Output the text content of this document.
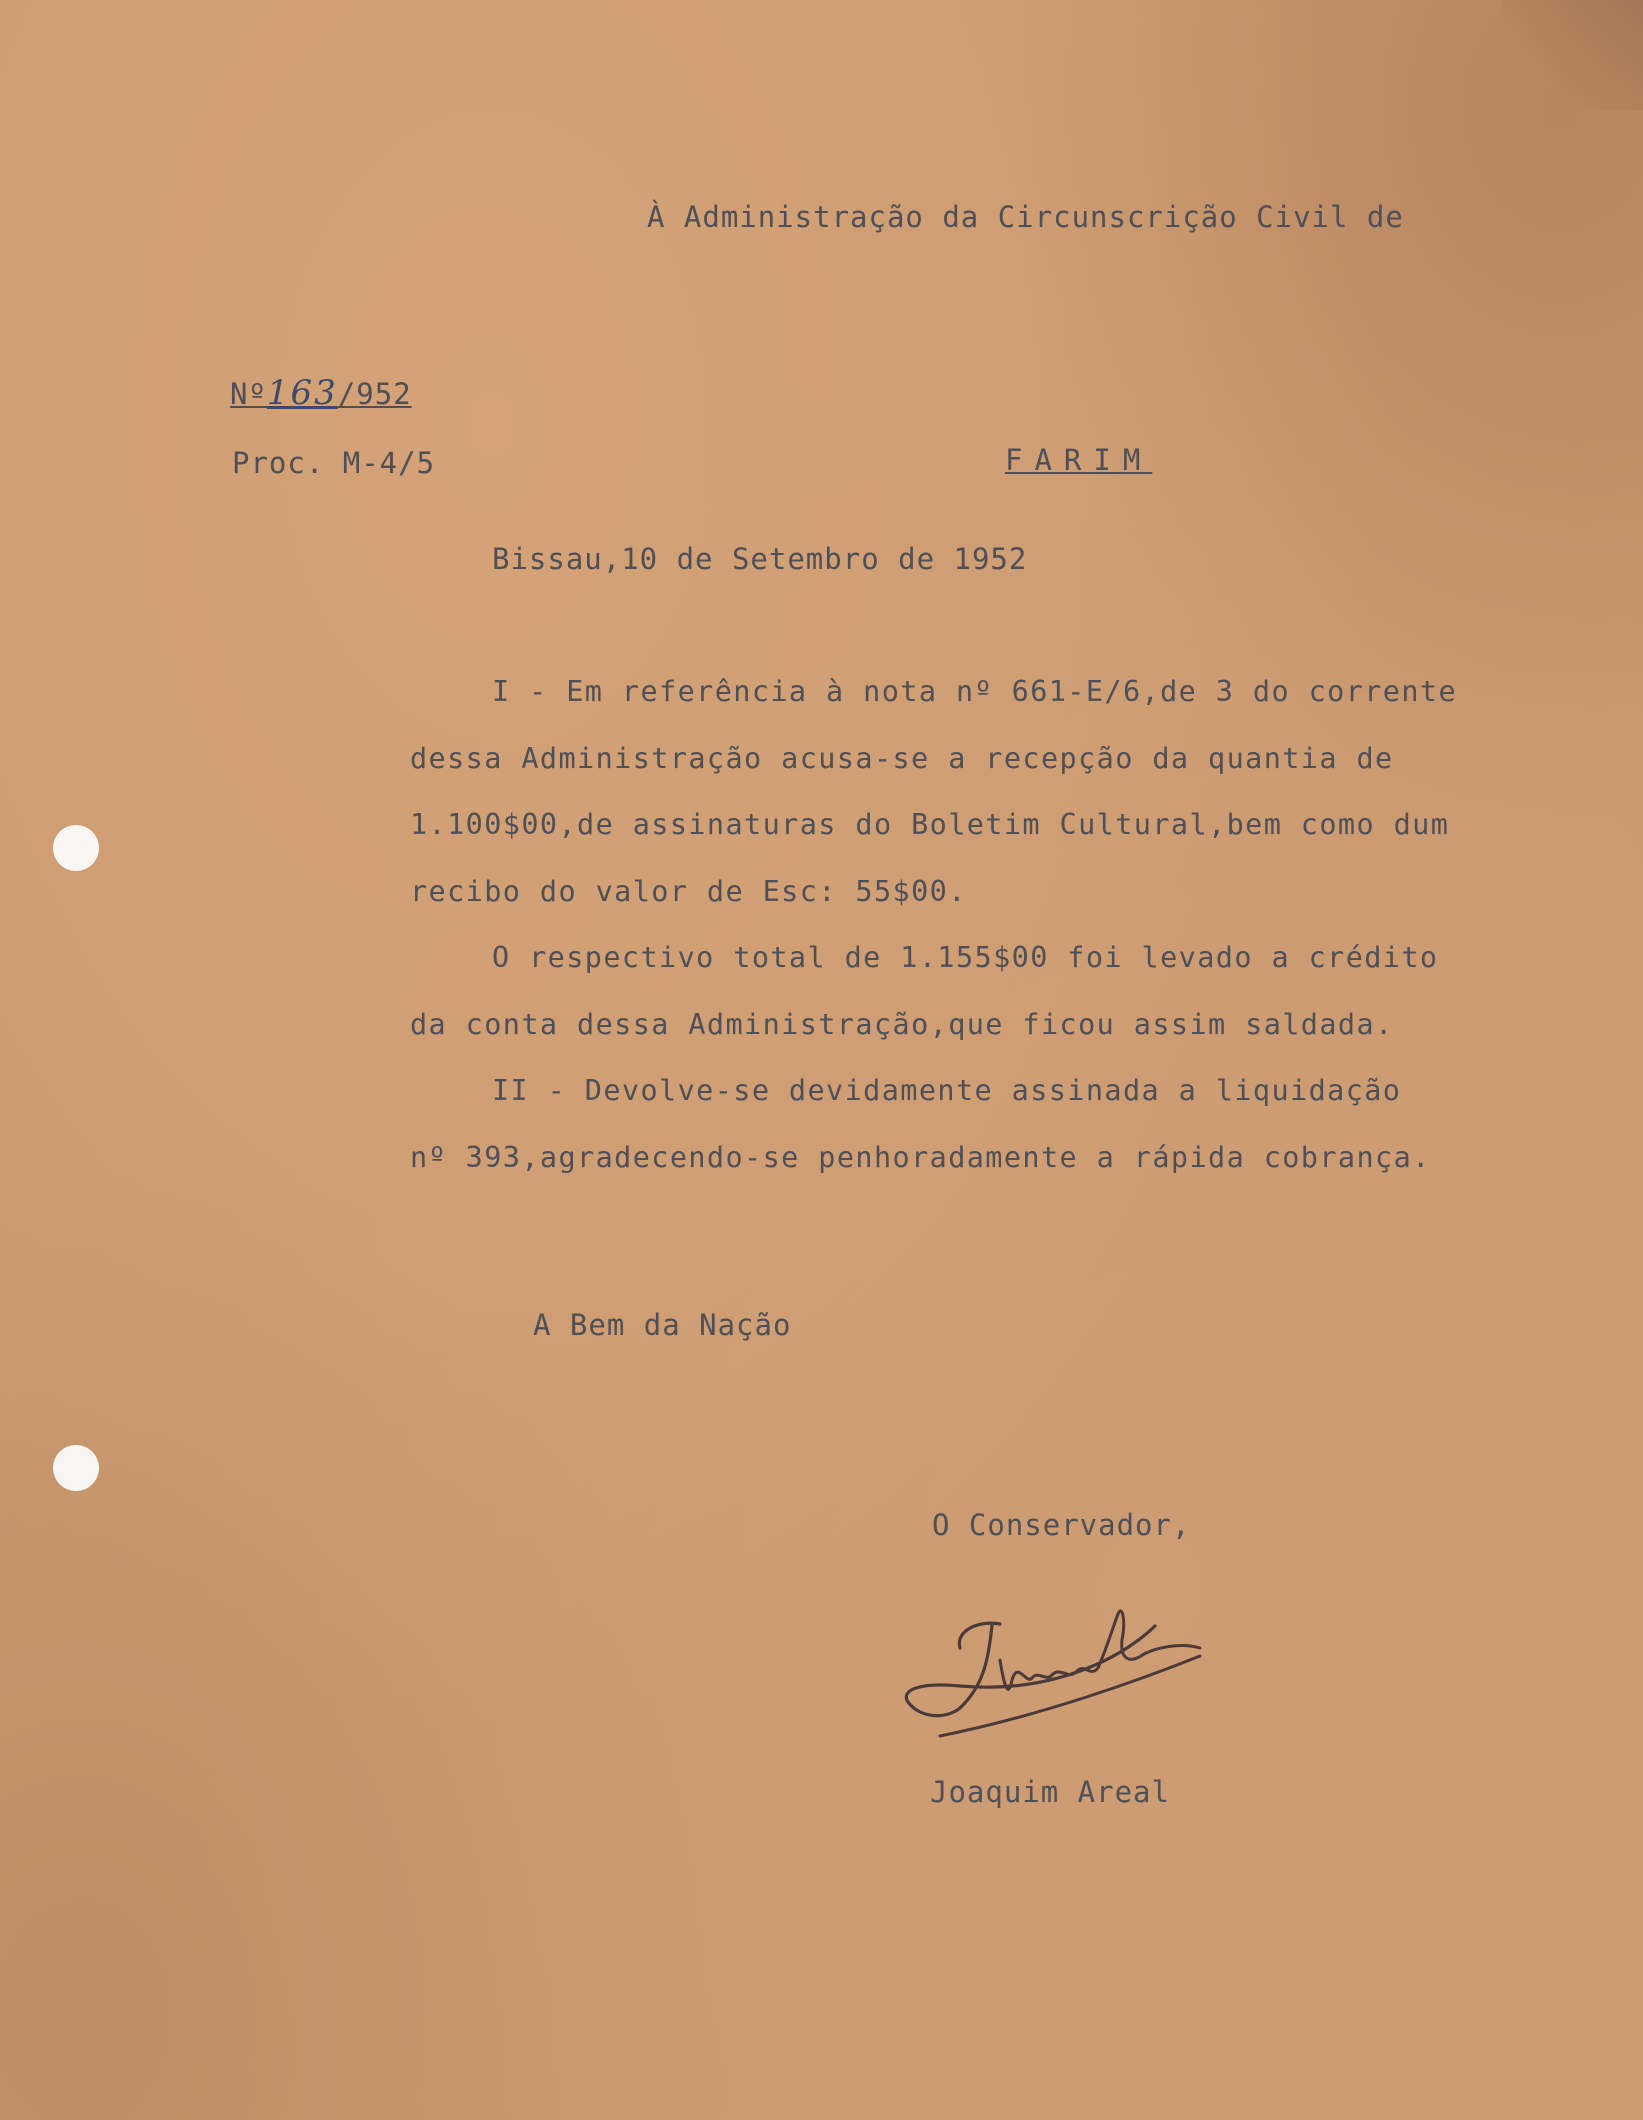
À Administração da Circunscrição Civil de
Nº163/952
Proc. M-4/5	FARIM
Bissau,10 de Setembro de 1952
I - Em referência à nota nº 661-E/6,de 3 do corrente
dessa Administração acusa-se a recepção da quantia de
1.100$00,de assinaturas do Boletim Cultural,bem como dum
recibo do valor de Esc: 55$00.
O respectivo total de 1.155$00 foi levado a crédito
da conta dessa Administração,que ficou assim saldada.
II - Devolve-se devidamente assinada a liquidação
nº 393,agradecendo-se penhoradamente a rápida cobrança.
A Bem da Nação
O Conservador,
Joaquim Areal
